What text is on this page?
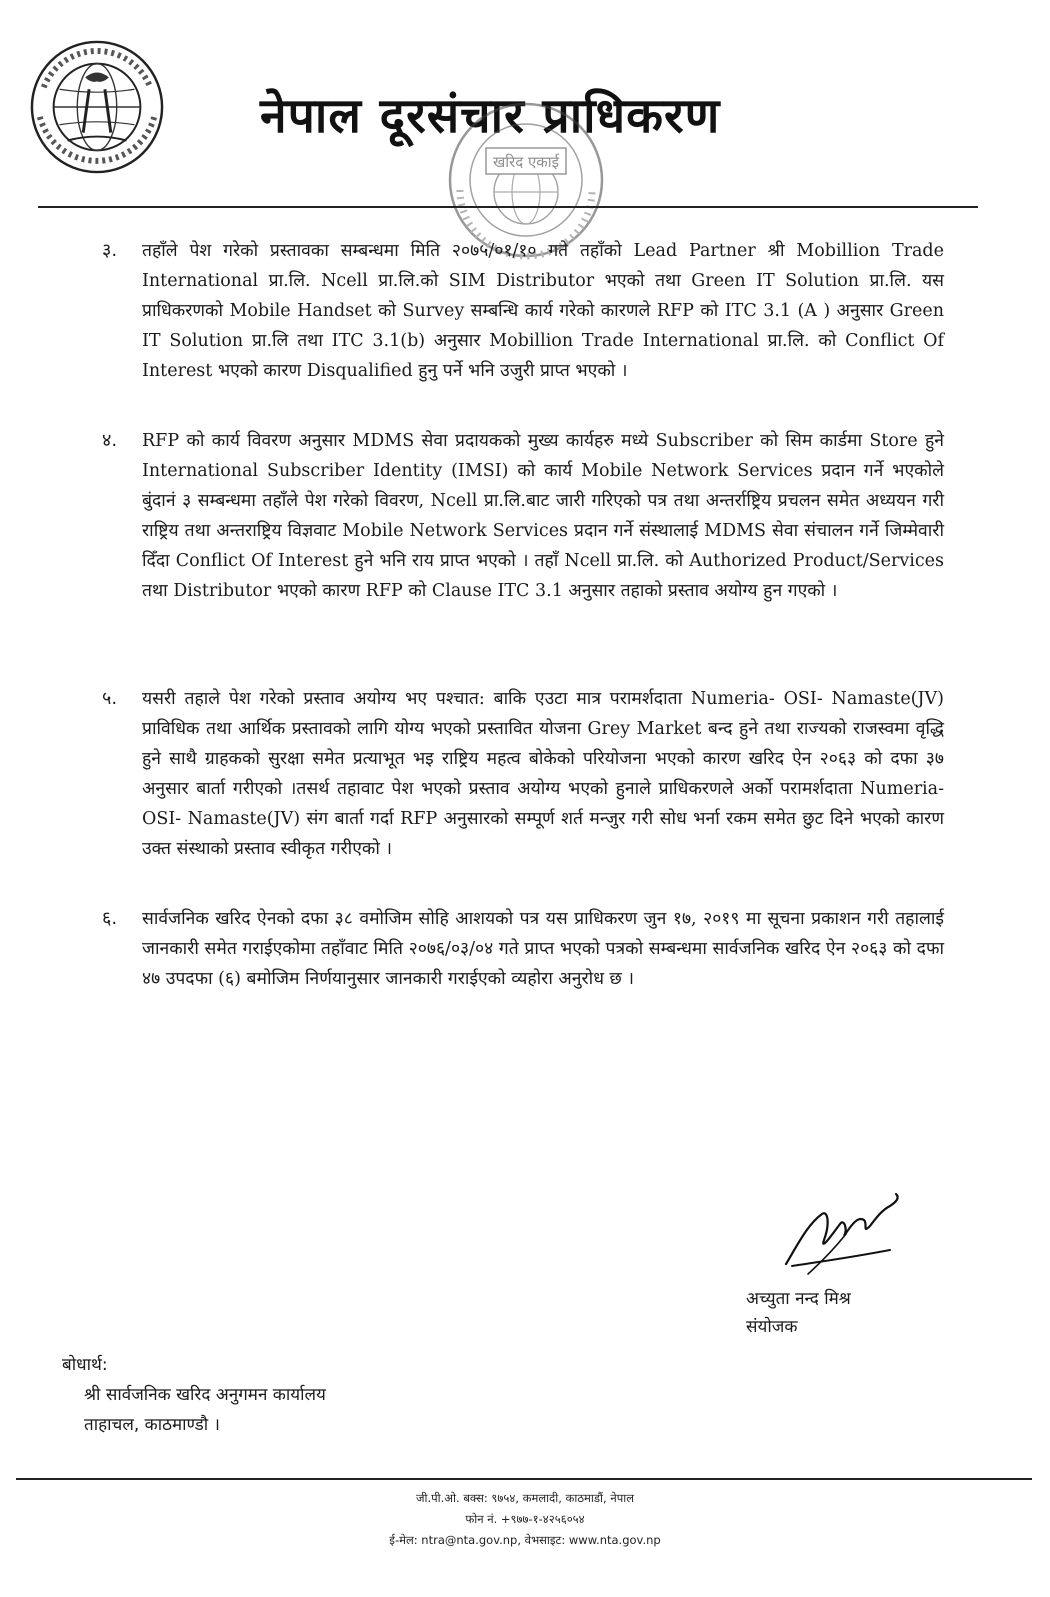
नेपाल दूरसंचार प्राधिकरण
खरिद एकाई
३.	तहाँले पेश गरेको प्रस्तावका सम्बन्धमा मिति २०७५/०१/१० गते तहाँको Lead Partner श्री Mobillion Trade International प्रा.लि. Ncell प्रा.लि.को SIM Distributor भएको तथा Green IT Solution प्रा.लि. यस प्राधिकरणको Mobile Handset को Survey सम्बन्धि कार्य गरेको कारणले RFP को ITC 3.1 (A ) अनुसार Green IT Solution प्रा.लि तथा ITC 3.1(b) अनुसार Mobillion Trade International प्रा.लि. को Conflict Of Interest भएको कारण Disqualified हुनु पर्ने भनि उजुरी प्राप्त भएको ।

४.	RFP को कार्य विवरण अनुसार MDMS सेवा प्रदायकको मुख्य कार्यहरु मध्ये Subscriber को सिम कार्डमा Store हुने International Subscriber Identity (IMSI) को कार्य Mobile Network Services प्रदान गर्ने भएकोले बुंदानं ३ सम्बन्धमा तहाँले पेश गरेको विवरण, Ncell प्रा.लि.बाट जारी गरिएको पत्र तथा अन्तर्राष्ट्रिय प्रचलन समेत अध्ययन गरी राष्ट्रिय तथा अन्तराष्ट्रिय विज्ञवाट Mobile Network Services प्रदान गर्ने संस्थालाई MDMS सेवा संचालन गर्ने जिम्मेवारी दिँदा Conflict Of Interest हुने भनि राय प्राप्त भएको । तहाँ Ncell प्रा.लि. को Authorized Product/Services तथा Distributor भएको कारण RFP को Clause ITC 3.1 अनुसार तहाको प्रस्ताव अयोग्य हुन गएको ।

५.	यसरी तहाले पेश गरेको प्रस्ताव अयोग्य भए पश्चात: बाकि एउटा मात्र परामर्शदाता Numeria- OSI- Namaste(JV) प्राविधिक तथा आर्थिक प्रस्तावको लागि योग्य भएको प्रस्तावित योजना Grey Market बन्द हुने तथा राज्यको राजस्वमा वृद्धि हुने साथै ग्राहकको सुरक्षा समेत प्रत्याभूत भइ राष्ट्रिय महत्व बोकेको परियोजना भएको कारण खरिद ऐन २०६३ को दफा ३७ अनुसार बार्ता गरीएको ।तसर्थ तहावाट पेश भएको प्रस्ताव अयोग्य भएको हुनाले प्राधिकरणले अर्को परामर्शदाता Numeria- OSI- Namaste(JV) संग बार्ता गर्दा RFP अनुसारको सम्पूर्ण शर्त मन्जुर गरी सोध भर्ना रकम समेत छुट दिने भएको कारण उक्त संस्थाको प्रस्ताव स्वीकृत गरीएको ।

६.	सार्वजनिक खरिद ऐनको दफा ३८ वमोजिम सोहि आशयको पत्र यस प्राधिकरण जुन १७, २०१९ मा सूचना प्रकाशन गरी तहालाई जानकारी समेत गराईएकोमा तहाँवाट मिति २०७६/०३/०४ गते प्राप्त भएको पत्रको सम्बन्धमा सार्वजनिक खरिद ऐन २०६३ को दफा ४७ उपदफा (६) बमोजिम निर्णयानुसार जानकारी गराईएको व्यहोरा अनुरोध छ ।

अच्युता नन्द मिश्र
संयोजक
बोधार्थ:
श्री सार्वजनिक खरिद अनुगमन कार्यालय
ताहाचल, काठमाण्डौ ।
जी.पी.ओ. बक्स: ९७५४, कमलादी, काठमाडौं, नेपाल
फोन नं. +९७७-१-४२५६०५४
ई-मेल: ntra@nta.gov.np, वेभसाइट: www.nta.gov.np
